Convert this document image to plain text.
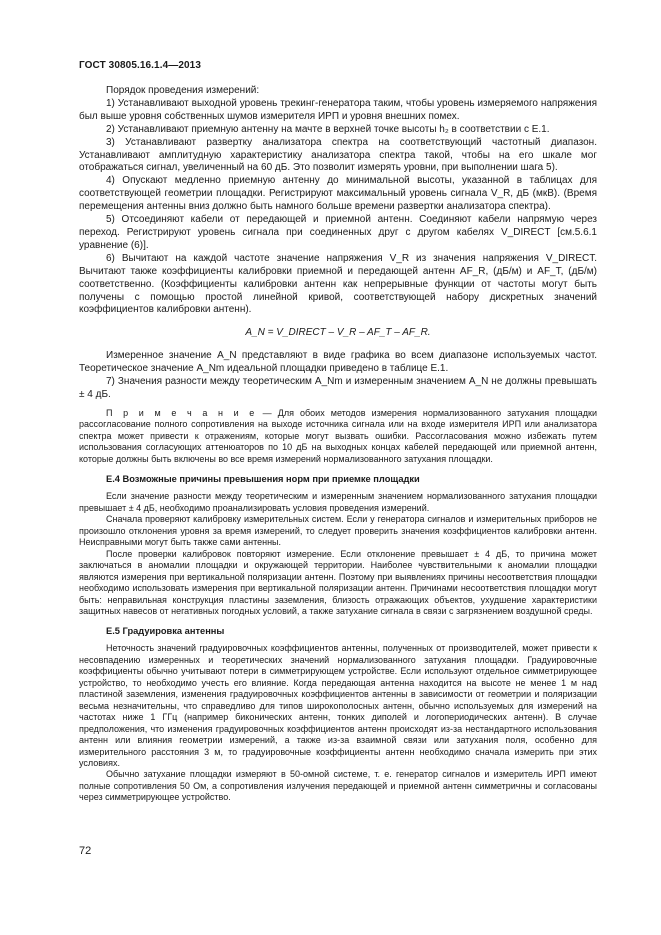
ГОСТ 30805.16.1.4—2013

Порядок проведения измерений:

1) Устанавливают выходной уровень трекинг-генератора таким, чтобы уровень измеряемого напряжения был выше уровня собственных шумов измерителя ИРП и уровня внешних помех.

2) Устанавливают приемную антенну на мачте в верхней точке высоты h₂ в соответствии с Е.1.

3) Устанавливают развертку анализатора спектра на соответствующий частотный диапазон. Устанавливают амплитудную характеристику анализатора спектра такой, чтобы на его шкале мог отображаться сигнал, увеличенный на 60 дБ. Это позволит измерять уровни, при выполнении шага 5).

4) Опускают медленно приемную антенну до минимальной высоты, указанной в таблицах для соответствующей геометрии площадки. Регистрируют максимальный уровень сигнала V_R, дБ (мкВ). (Время перемещения антенны вниз должно быть намного больше времени развертки анализатора спектра).

5) Отсоединяют кабели от передающей и приемной антенн. Соединяют кабели напрямую через переход. Регистрируют уровень сигнала при соединенных друг с другом кабелях V_DIRECT [см.5.6.1 уравнение (6)].

6) Вычитают на каждой частоте значение напряжения V_R из значения напряжения V_DIRECT. Вычитают также коэффициенты калибровки приемной и передающей антенн AF_R, (дБ/м) и AF_T, (дБ/м) соответственно. (Коэффициенты калибровки антенн как непрерывные функции от частоты могут быть получены с помощью простой линейной кривой, соответствующей набору дискретных значений коэффициентов калибровки антенн).

A_N = V_DIRECT – V_R – AF_T – AF_R.

Измеренное значение A_N представляют в виде графика во всем диапазоне используемых частот. Теоретическое значение A_Nm идеальной площадки приведено в таблице Е.1.

7) Значения разности между теоретическим A_Nm и измеренным значением A_N не должны превышать ± 4 дБ.

П р и м е ч а н и е — Для обоих методов измерения нормализованного затухания площадки рассогласование полного сопротивления на выходе источника сигнала или на входе измерителя ИРП или анализатора спектра может привести к отражениям, которые могут вызвать ошибки. Рассогласования можно избежать путем использования согласующих аттенюаторов по 10 дБ на выходных концах кабелей передающей или приемной антенн, которые должны быть включены во все время измерений нормализованного затухания площадки.

Е.4 Возможные причины превышения норм при приемке площадки

Если значение разности между теоретическим и измеренным значением нормализованного затухания площадки превышает ± 4 дБ, необходимо проанализировать условия проведения измерений.

Сначала проверяют калибровку измерительных систем. Если у генератора сигналов и измерительных приборов не произошло отклонения уровня за время измерений, то следует проверить значения коэффициентов калибровки антенн. Неисправными могут быть также сами антенны.

После проверки калибровок повторяют измерение. Если отклонение превышает ± 4 дБ, то причина может заключаться в аномалии площадки и окружающей территории. Наиболее чувствительными к аномалии площадки являются измерения при вертикальной поляризации антенн. Поэтому при выявлениях причины несоответствия площадки необходимо использовать измерения при вертикальной поляризации антенн. Причинами несоответствия площадки могут быть: неправильная конструкция пластины заземления, близость отражающих объектов, ухудшение характеристики защитных навесов от негативных погодных условий, а также затухание сигнала в связи с загрязнением воздушной среды.

Е.5 Градуировка антенны

Неточность значений градуировочных коэффициентов антенны, полученных от производителей, может привести к несовпадению измеренных и теоретических значений нормализованного затухания площадки. Градуировочные коэффициенты обычно учитывают потери в симметрирующем устройстве. Если используют отдельное симметрирующее устройство, то необходимо учесть его влияние. Когда передающая антенна находится на высоте не менее 1 м над пластиной заземления, изменения градуировочных коэффициентов антенны в зависимости от геометрии и поляризации весьма незначительны, что справедливо для типов широкополосных антенн, обычно используемых для измерений на частотах ниже 1 ГГц (например биконических антенн, тонких диполей и логопериодических антенн). В случае предположения, что изменения градуировочных коэффициентов антенн происходят из-за нестандартного использования антенн или влияния геометрии измерений, а также из-за взаимной связи или затухания поля, особенно для измерительного расстояния 3 м, то градуировочные коэффициенты антенн необходимо сначала измерить при этих условиях.

Обычно затухание площадки измеряют в 50-омной системе, т. е. генератор сигналов и измеритель ИРП имеют полные сопротивления 50 Ом, а сопротивления излучения передающей и приемной антенн симметричны и согласованы через симметрирующее устройство.

72
